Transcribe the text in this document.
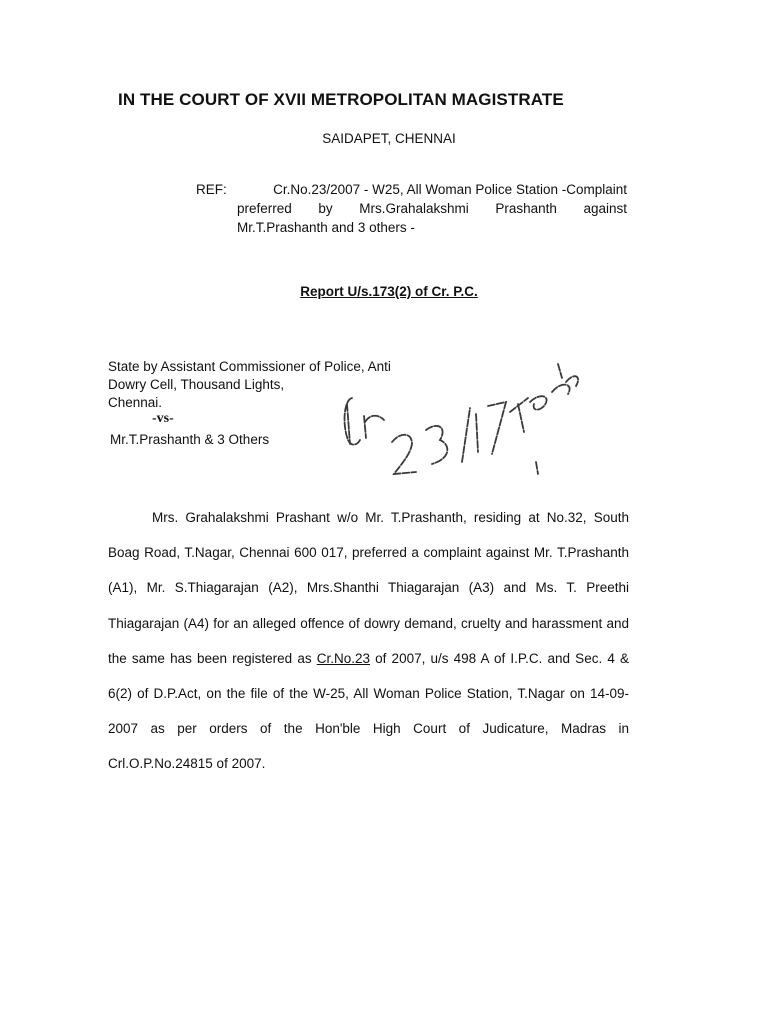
IN THE COURT OF XVII METROPOLITAN MAGISTRATE
SAIDAPET, CHENNAI
REF:	Cr.No.23/2007 - W25, All Woman Police Station -Complaint
preferred by Mrs.Grahalakshmi Prashanth against
Mr.T.Prashanth and 3 others -
Report U/s.173(2) of Cr. P.C.
State by Assistant Commissioner of Police, Anti
Dowry Cell, Thousand Lights,
Chennai.
-vs-
Mr.T.Prashanth & 3 Others
Mrs. Grahalakshmi Prashant w/o Mr. T.Prashanth, residing at No.32, South Boag Road, T.Nagar, Chennai 600 017, preferred a complaint against Mr. T.Prashanth (A1), Mr. S.Thiagarajan (A2), Mrs.Shanthi Thiagarajan (A3) and Ms. T. Preethi Thiagarajan (A4) for an alleged offence of dowry demand, cruelty and harassment and the same has been registered as Cr.No.23 of 2007, u/s 498 A of I.P.C. and Sec. 4 & 6(2) of D.P.Act, on the file of the W-25, All Woman Police Station, T.Nagar on 14-09-2007 as per orders of the Hon'ble High Court of Judicature, Madras in Crl.O.P.No.24815 of 2007.
